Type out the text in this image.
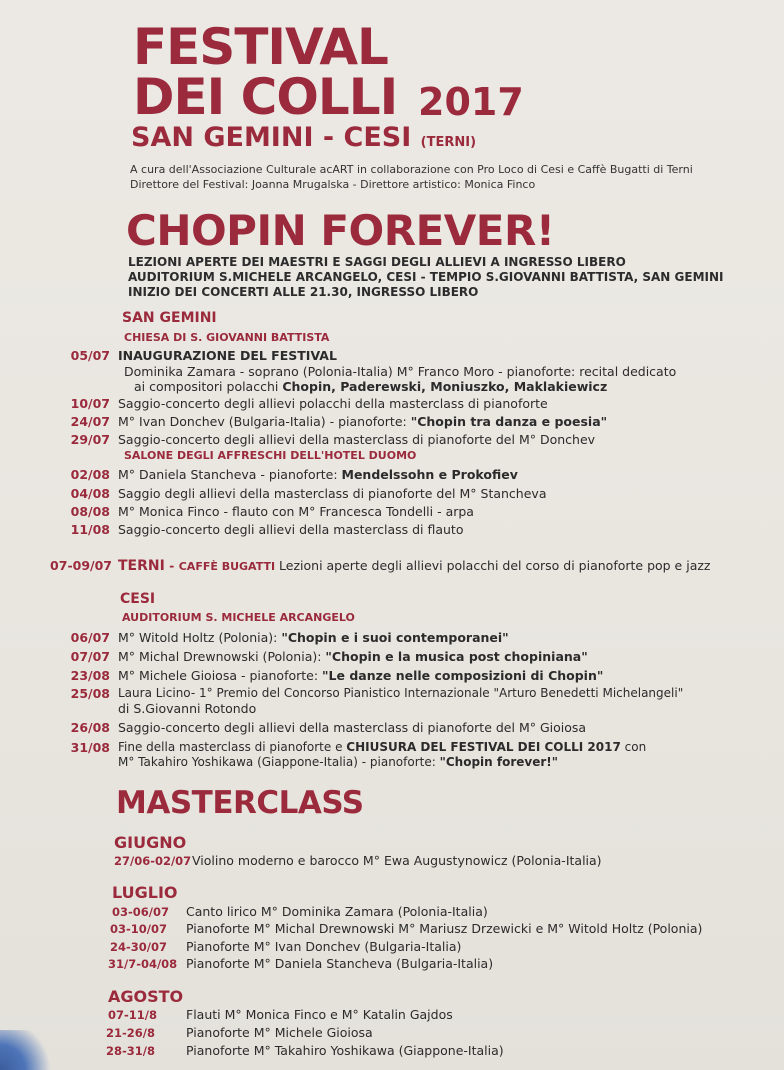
FESTIVAL
DEI COLLI 2017
SAN GEMINI - CESI (TERNI)
A cura dell'Associazione Culturale acART in collaborazione con Pro Loco di Cesi e Caffè Bugatti di Terni
Direttore del Festival: Joanna Mrugalska - Direttore artistico: Monica Finco
CHOPIN FOREVER!
LEZIONI APERTE DEI MAESTRI E SAGGI DEGLI ALLIEVI A INGRESSO LIBERO
AUDITORIUM S.MICHELE ARCANGELO, CESI - TEMPIO S.GIOVANNI BATTISTA, SAN GEMINI
INIZIO DEI CONCERTI ALLE 21.30, INGRESSO LIBERO
SAN GEMINI
CHIESA DI S. GIOVANNI BATTISTA
05/07 INAUGURAZIONE DEL FESTIVAL
Dominika Zamara - soprano (Polonia-Italia) M° Franco Moro - pianoforte: recital dedicato
ai compositori polacchi Chopin, Paderewski, Moniuszko, Maklakiewicz
10/07 Saggio-concerto degli allievi polacchi della masterclass di pianoforte
24/07 M° Ivan Donchev (Bulgaria-Italia) - pianoforte: "Chopin tra danza e poesia"
29/07 Saggio-concerto degli allievi della masterclass di pianoforte del M° Donchev
SALONE DEGLI AFFRESCHI DELL'HOTEL DUOMO
02/08 M° Daniela Stancheva - pianoforte: Mendelssohn e Prokofiev
04/08 Saggio degli allievi della masterclass di pianoforte del M° Stancheva
08/08 M° Monica Finco - flauto con M° Francesca Tondelli - arpa
11/08 Saggio-concerto degli allievi della masterclass di flauto
07-09/07 TERNI - CAFFÈ BUGATTI Lezioni aperte degli allievi polacchi del corso di pianoforte pop e jazz
CESI
AUDITORIUM S. MICHELE ARCANGELO
06/07 M° Witold Holtz (Polonia): "Chopin e i suoi contemporanei"
07/07 M° Michal Drewnowski (Polonia): "Chopin e la musica post chopiniana"
23/08 M° Michele Gioiosa - pianoforte: "Le danze nelle composizioni di Chopin"
25/08 Laura Licino- 1° Premio del Concorso Pianistico Internazionale "Arturo Benedetti Michelangeli"
di S.Giovanni Rotondo
26/08 Saggio-concerto degli allievi della masterclass di pianoforte del M° Gioiosa
31/08 Fine della masterclass di pianoforte e CHIUSURA DEL FESTIVAL DEI COLLI 2017 con
M° Takahiro Yoshikawa (Giappone-Italia) - pianoforte: "Chopin forever!"
MASTERCLASS
GIUGNO
27/06-02/07 Violino moderno e barocco M° Ewa Augustynowicz (Polonia-Italia)
LUGLIO
03-06/07 Canto lirico M° Dominika Zamara (Polonia-Italia)
03-10/07 Pianoforte M° Michal Drewnowski M° Mariusz Drzewicki e M° Witold Holtz (Polonia)
24-30/07 Pianoforte M° Ivan Donchev (Bulgaria-Italia)
31/7-04/08 Pianoforte M° Daniela Stancheva (Bulgaria-Italia)
AGOSTO
07-11/8 Flauti M° Monica Finco e M° Katalin Gajdos
21-26/8 Pianoforte M° Michele Gioiosa
28-31/8 Pianoforte M° Takahiro Yoshikawa (Giappone-Italia)
